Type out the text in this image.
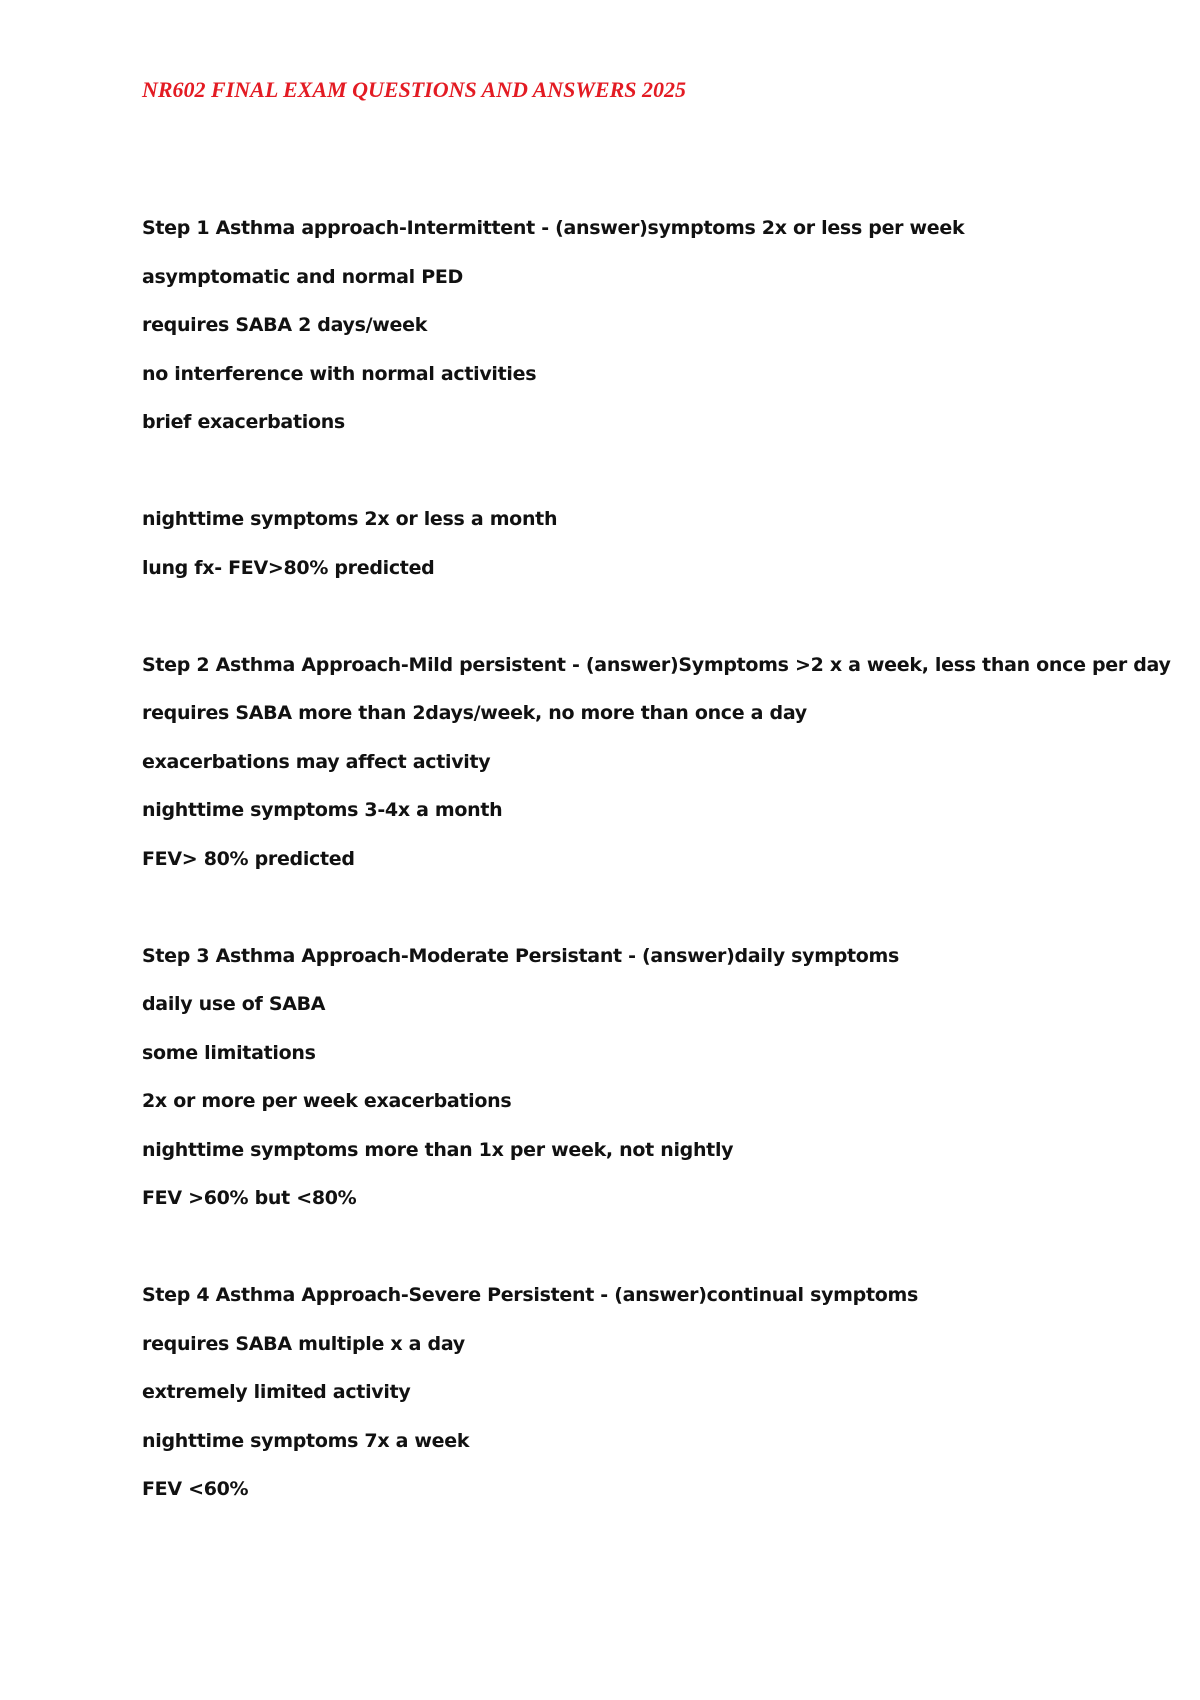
NR602 FINAL EXAM QUESTIONS AND ANSWERS 2025

Step 1 Asthma approach-Intermittent - (answer)symptoms 2x or less per week

asymptomatic and normal PED

requires SABA 2 days/week

no interference with normal activities

brief exacerbations

nighttime symptoms 2x or less a month

lung fx- FEV>80% predicted

Step 2 Asthma Approach-Mild persistent - (answer)Symptoms >2 x a week, less than once per day

requires SABA more than 2days/week, no more than once a day

exacerbations may affect activity

nighttime symptoms 3-4x a month

FEV> 80% predicted

Step 3 Asthma Approach-Moderate Persistant - (answer)daily symptoms

daily use of SABA

some limitations

2x or more per week exacerbations

nighttime symptoms more than 1x per week, not nightly

FEV >60% but <80%

Step 4 Asthma Approach-Severe Persistent - (answer)continual symptoms

requires SABA multiple x a day

extremely limited activity

nighttime symptoms 7x a week

FEV <60%
